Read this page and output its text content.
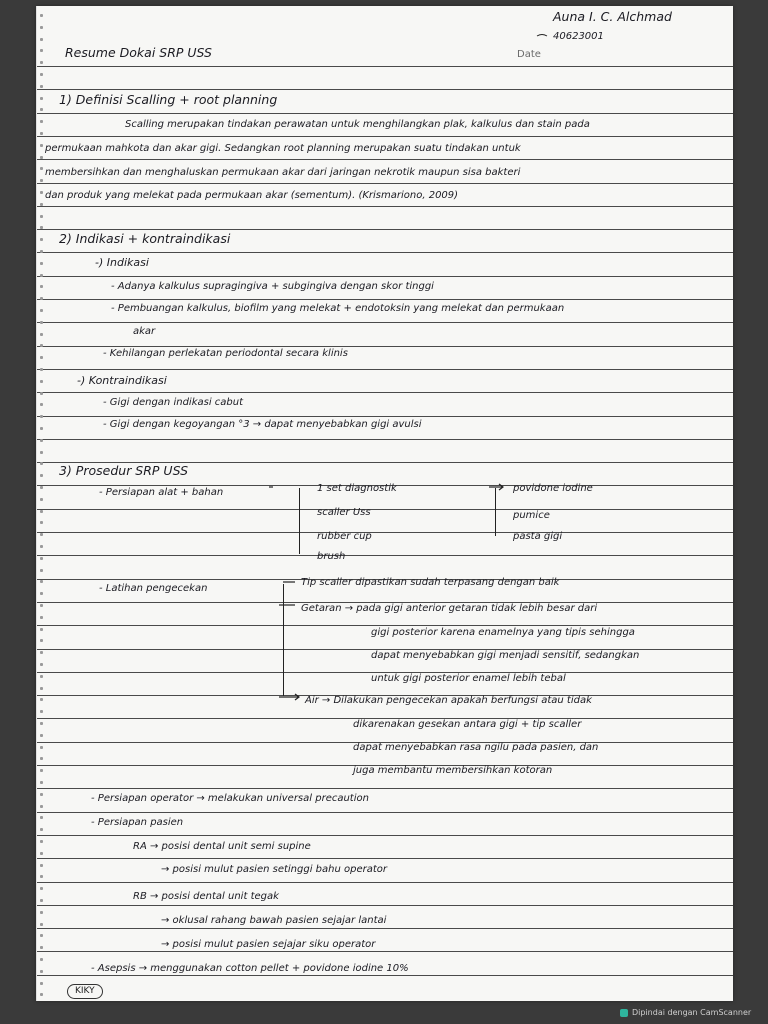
Auna I. C. Alchmad
40623001
Resume Dokai SRP USS	Date
1) Definisi Scalling + root planning
Scalling merupakan tindakan perawatan untuk menghilangkan plak, kalkulus dan stain pada
permukaan mahkota dan akar gigi. Sedangkan root planning merupakan suatu tindakan untuk
membersihkan dan menghaluskan permukaan akar dari jaringan nekrotik maupun sisa bakteri
dan produk yang melekat pada permukaan akar (sementum). (Krismariono, 2009)
2) Indikasi + kontraindikasi
-) Indikasi
- Adanya kalkulus supragingiva + subgingiva dengan skor tinggi
- Pembuangan kalkulus, biofilm yang melekat + endotoksin yang melekat dan permukaan
akar
- Kehilangan perlekatan periodontal secara klinis
-) Kontraindikasi
- Gigi dengan indikasi cabut
- Gigi dengan kegoyangan °3 → dapat menyebabkan gigi avulsi
3) Prosedur SRP USS
- Persiapan alat + bahan	1 set diagnostik
scaller Uss
rubber cup
brush
povidone iodine
pumice
pasta gigi
- Latihan pengecekan
Tip scaller dipastikan sudah terpasang dengan baik
Getaran → pada gigi anterior getaran tidak lebih besar dari
gigi posterior karena enamelnya yang tipis sehingga
dapat menyebabkan gigi menjadi sensitif, sedangkan
untuk gigi posterior enamel lebih tebal
Air → Dilakukan pengecekan apakah berfungsi atau tidak
dikarenakan gesekan antara gigi + tip scaller
dapat menyebabkan rasa ngilu pada pasien, dan
juga membantu membersihkan kotoran
- Persiapan operator → melakukan universal precaution
- Persiapan pasien
RA → posisi dental unit semi supine
→ posisi mulut pasien setinggi bahu operator
RB → posisi dental unit tegak
→ oklusal rahang bawah pasien sejajar lantai
→ posisi mulut pasien sejajar siku operator
- Asepsis → menggunakan cotton pellet + povidone iodine 10%
KIKY
Dipindai dengan CamScanner
